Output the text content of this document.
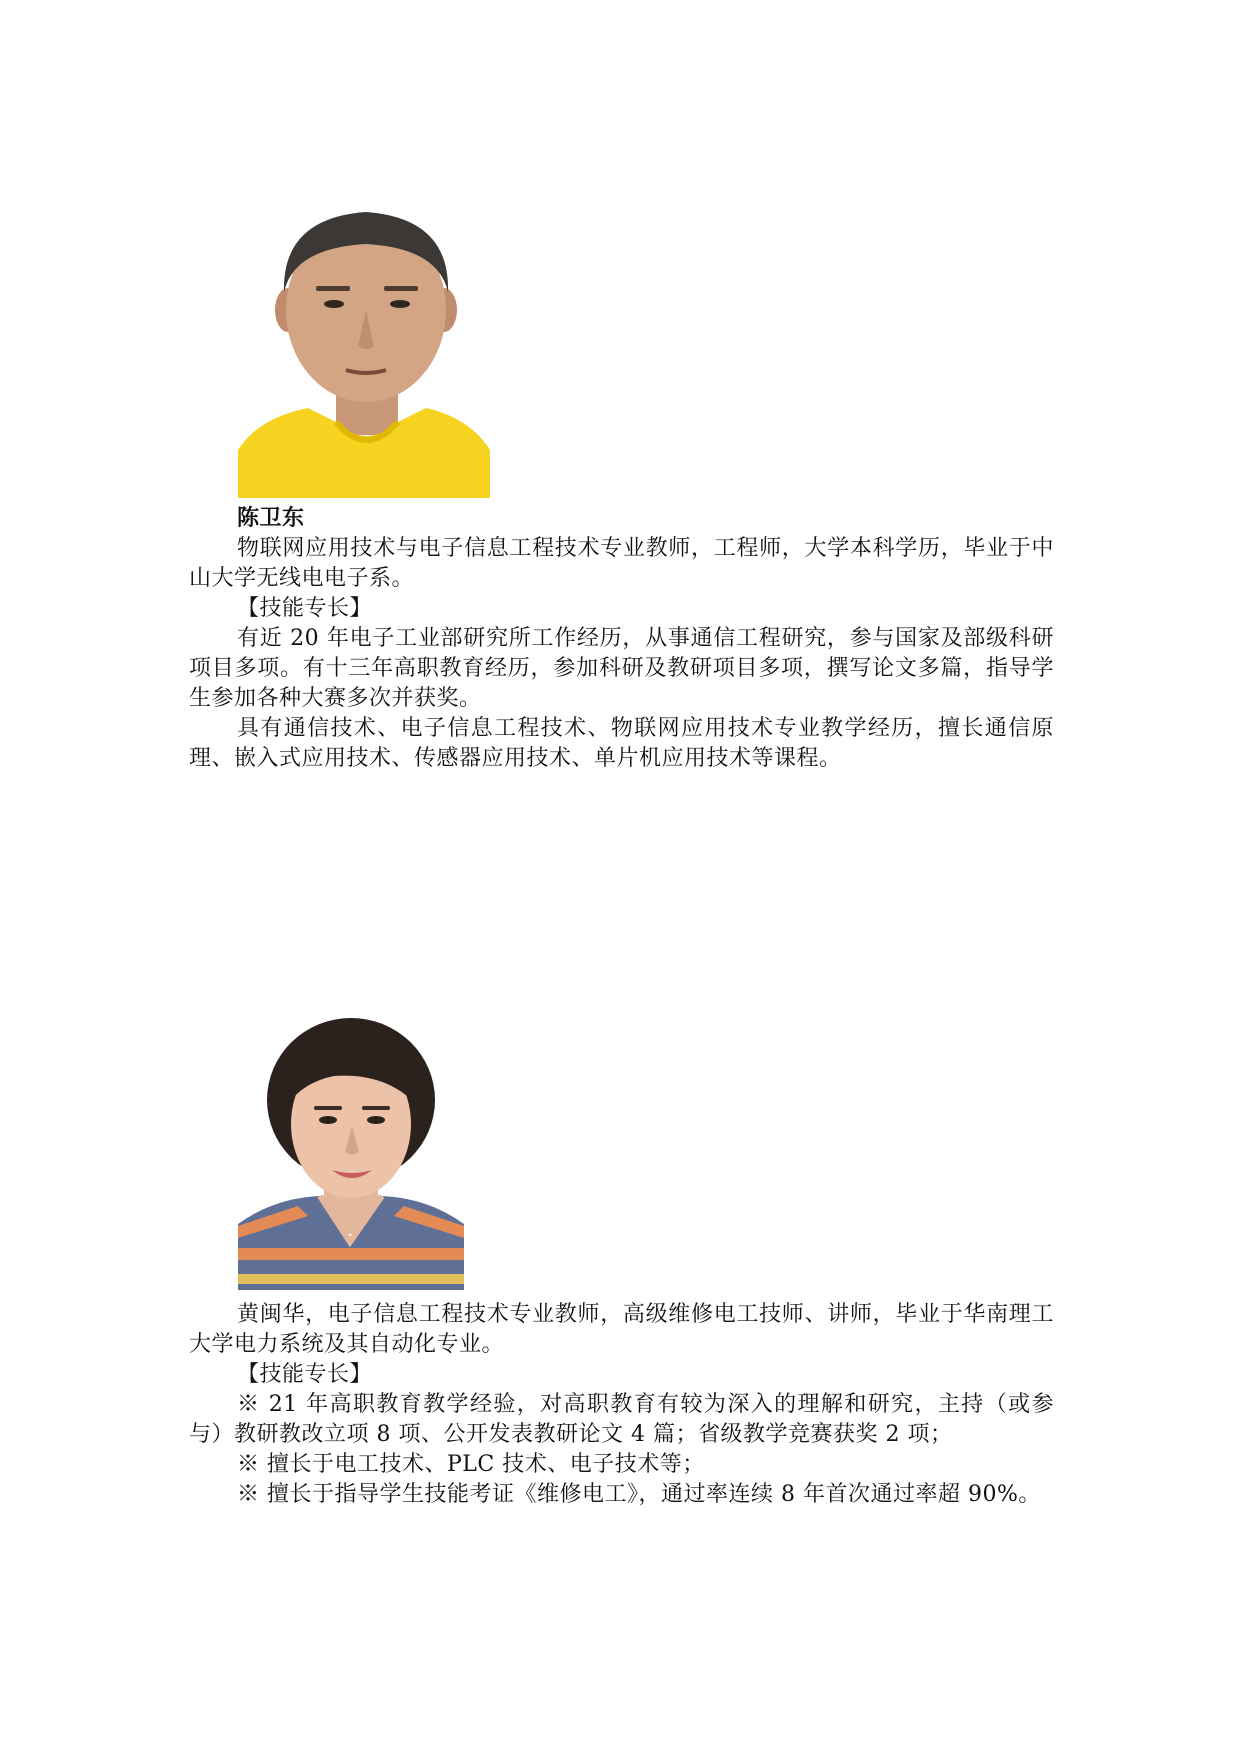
陈卫东

物联网应用技术与电子信息工程技术专业教师，工程师，大学本科学历，毕业于中山大学无线电电子系。

【技能专长】

有近 20 年电子工业部研究所工作经历，从事通信工程研究，参与国家及部级科研项目多项。有十三年高职教育经历，参加科研及教研项目多项，撰写论文多篇，指导学生参加各种大赛多次并获奖。

具有通信技术、电子信息工程技术、物联网应用技术专业教学经历，擅长通信原理、嵌入式应用技术、传感器应用技术、单片机应用技术等课程。

黄闽华，电子信息工程技术专业教师，高级维修电工技师、讲师，毕业于华南理工大学电力系统及其自动化专业。

【技能专长】

※ 21 年高职教育教学经验，对高职教育有较为深入的理解和研究，主持（或参与）教研教改立项 8 项、公开发表教研论文 4 篇；省级教学竞赛获奖 2 项；

※ 擅长于电工技术、PLC 技术、电子技术等；

※ 擅长于指导学生技能考证《维修电工》，通过率连续 8 年首次通过率超 90%。
